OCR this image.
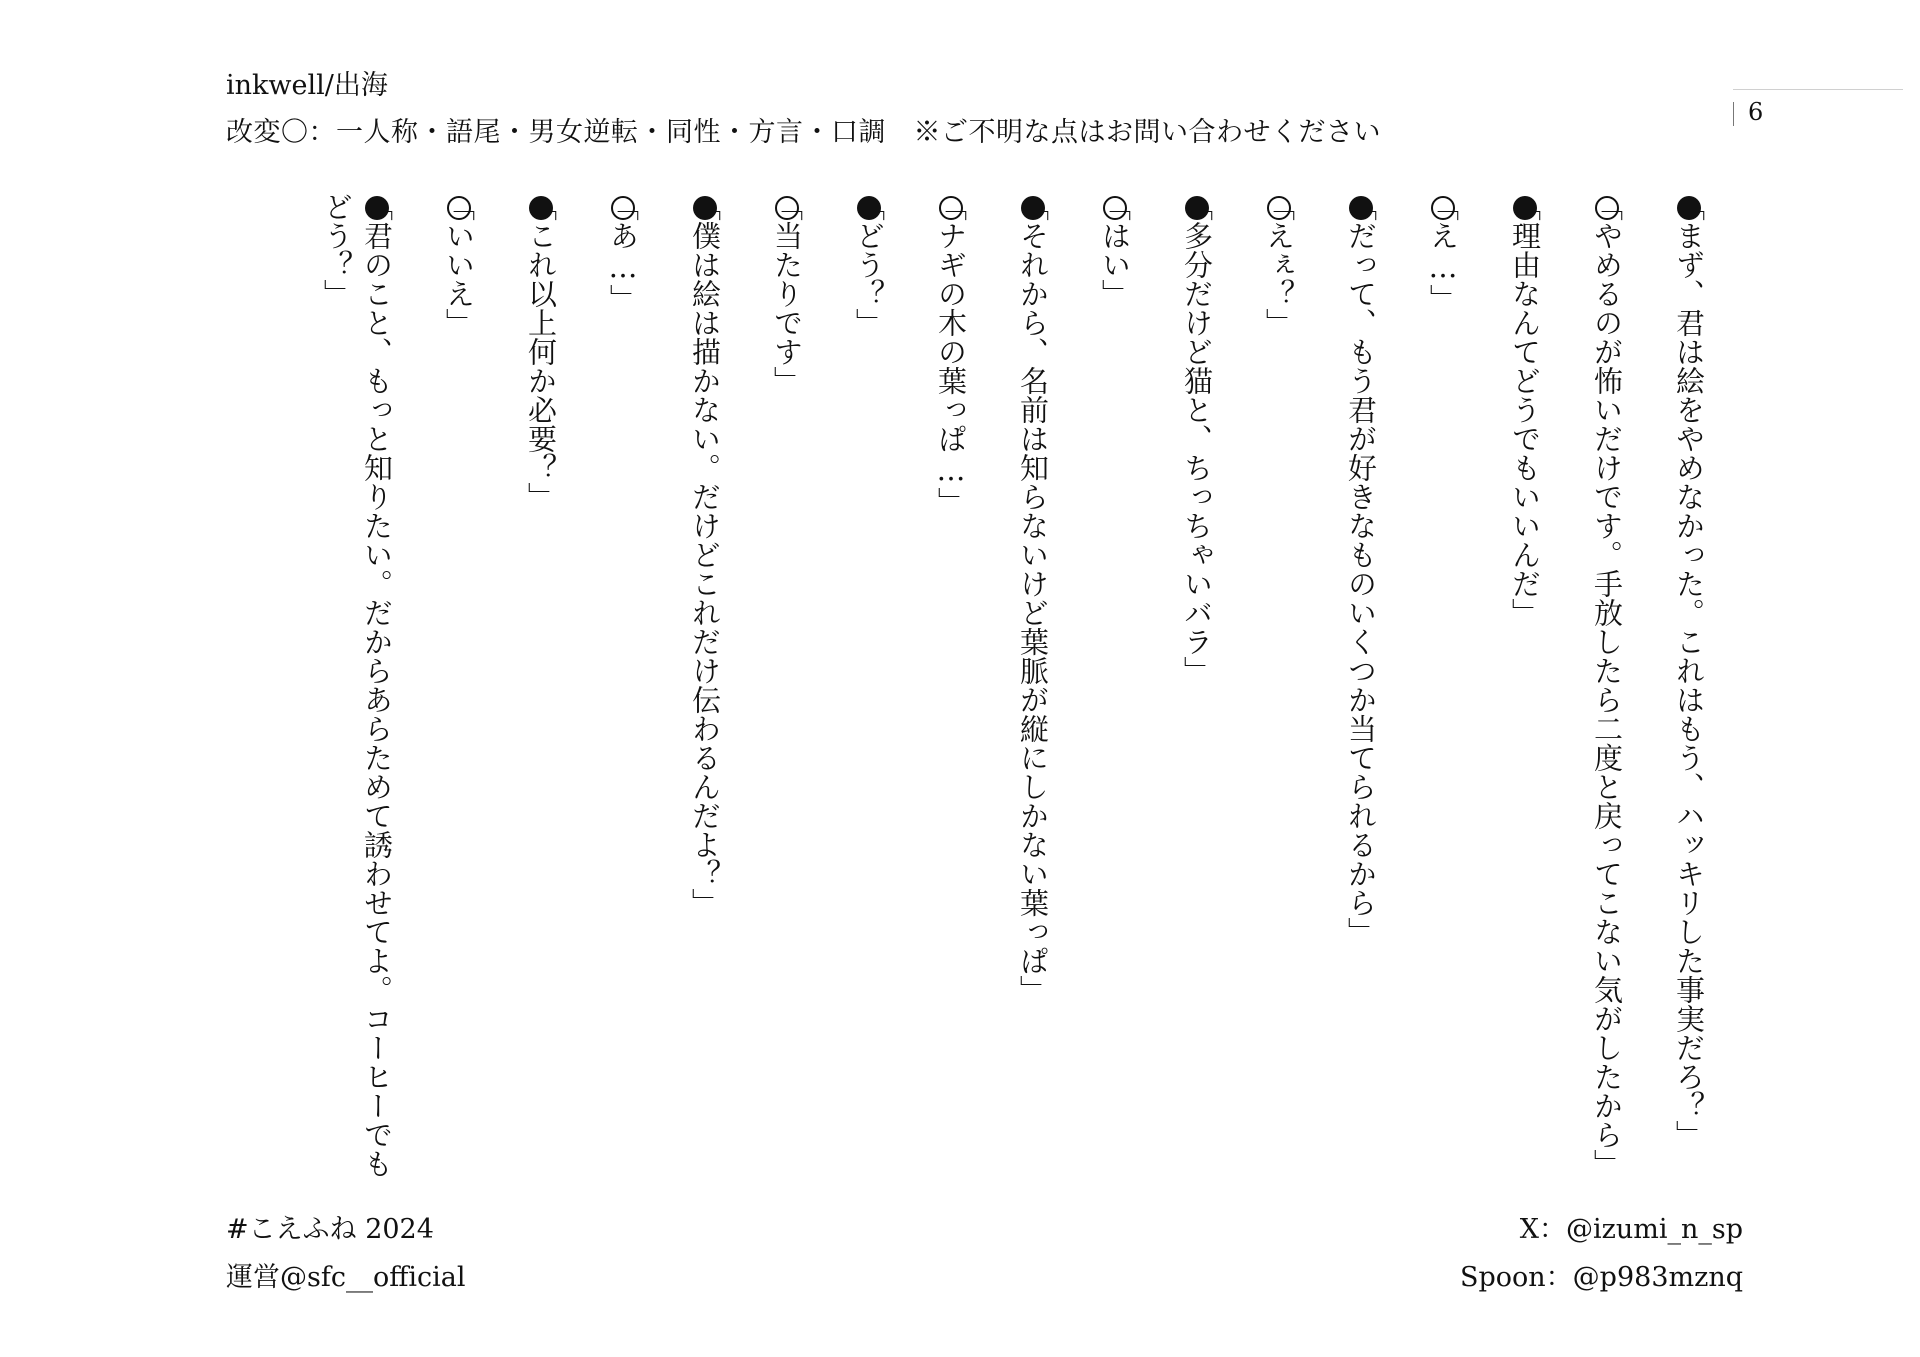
inkwell/出海
改変〇：一人称・語尾・男女逆転・同性・方言・口調　※ご不明な点はお問い合わせください
6
「まず、君は絵をやめなかった。これはもう、ハッキリした事実だろ？」
「やめるのが怖いだけです。手放したら二度と戻ってこない気がしたから」
「理由なんてどうでもいいんだ」
「え…」
「だって、もう君が好きなものいくつか当てられるから」
「えぇ？」
「多分だけど猫と、ちっちゃいバラ」
「はい」
「それから、名前は知らないけど葉脈が縦にしかない葉っぱ」
「ナギの木の葉っぱ…」
「どう？」
「当たりです」
「僕は絵は描かない。だけどこれだけ伝わるんだよ？」
「あ…」
「これ以上何か必要？」
「いいえ」
「君のこと、もっと知りたい。だからあらためて誘わせてよ。コーヒーでもどう？」
#こえふね 2024
運営@sfc__official
X：@izumi_n_sp
Spoon：@p983mznq
